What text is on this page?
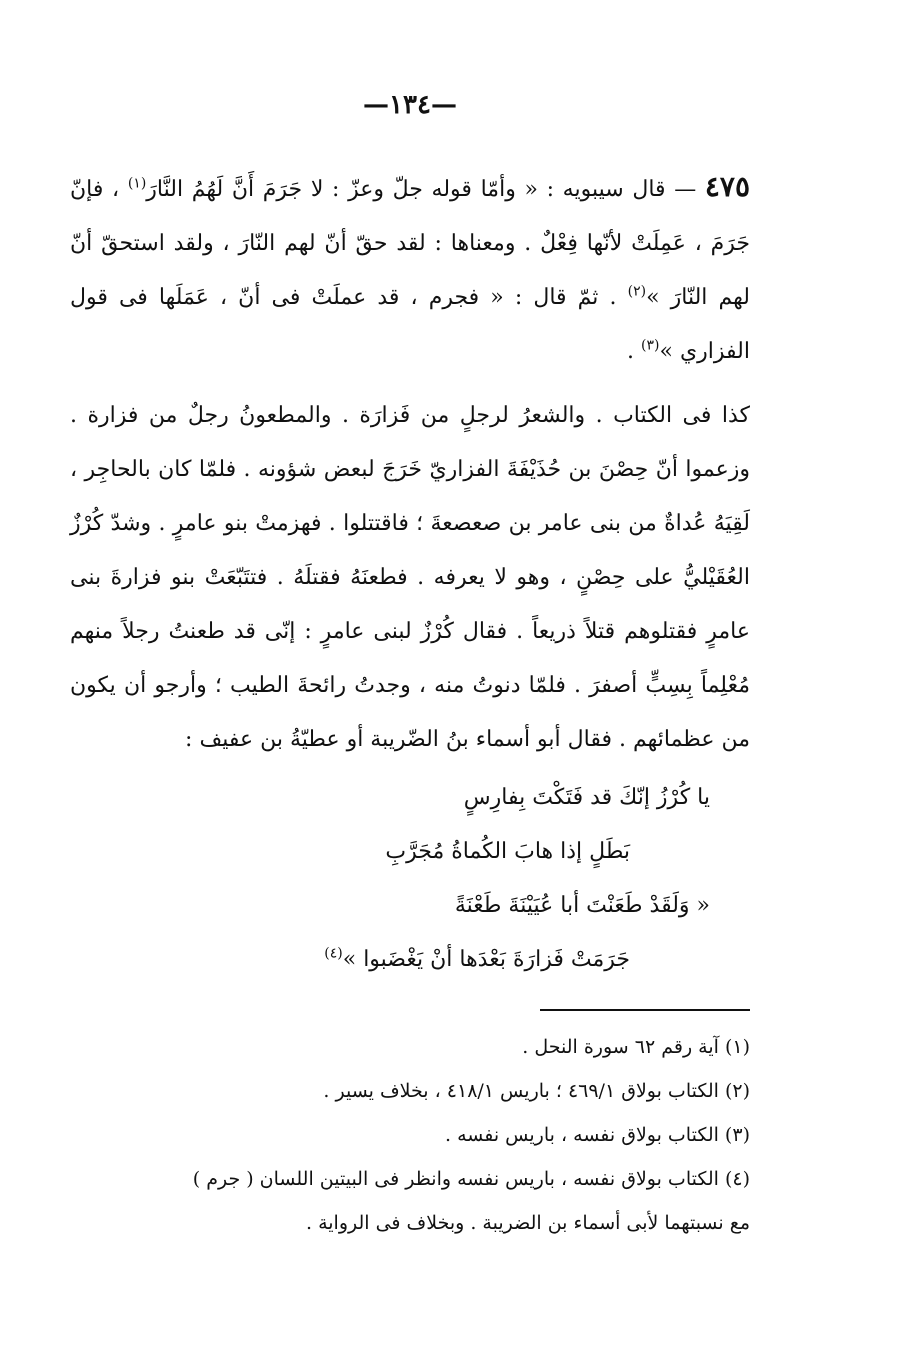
—١٣٤—

٤٧٥ — قال سيبويه : « وأمّا قوله جلّ وعزّ : لا جَرَمَ أَنَّ لَهُمُ النَّارَ$^{(١)}$ ، فإنّ جَرَمَ ، عَمِلَتْ لأنّها فِعْلٌ . ومعناها : لقد حقّ أنّ لهم النّارَ ، ولقد استحقّ أنّ لهم النّارَ »$^{(٢)}$ . ثمّ قال : « فجرم ، قد عملَتْ فى أنّ ، عَمَلَها فى قول الفزاري »$^{(٣)}$ .

كذا فى الكتاب . والشعرُ لرجلٍ من فَزارَة . والمطعونُ رجلٌ من فزارة . وزعموا أنّ حِصْنَ بن حُذَيْفَةَ الفزاريّ خَرَجَ لبعض شؤونه . فلمّا كان بالحاجِر ، لَقِيَهُ عُداةٌ من بنى عامر بن صعصعةَ ؛ فاقتتلوا . فهزمتْ بنو عامرٍ . وشدّ كُرْزٌ العُقَيْليُّ على حِصْنٍ ، وهو لا يعرفه . فطعنَهُ فقتلَهُ . فتتَبّعَتْ بنو فزارةَ بنى عامرٍ فقتلوهم قتلاً ذريعاً . فقال كُرْزٌ لبنى عامرٍ : إنّى قد طعنتُ رجلاً منهم مُعْلِماً بِسِبٍّ أصفرَ . فلمّا دنوتُ منه ، وجدتُ رائحةَ الطيب ؛ وأرجو أن يكون من عظمائهم . فقال أبو أسماء بنُ الضّريبة أو عطيّةُ بن عفيف :

يا كُرْزُ إنّكَ قد فَتَكْتَ بِفارِسٍ
بَطَلٍ إذا هابَ الكُماةُ مُجَرَّبِ
« وَلَقَدْ طَعَنْتَ أبا عُيَيْنَةَ طَعْنَةً
جَرَمَتْ فَزارَةَ بَعْدَها أنْ يَغْضَبوا »$^{(٤)}$

(١) آية رقم ٦٢ سورة النحل .

(٢) الكتاب بولاق ٤٦٩/١ ؛ باريس ٤١٨/١ ، بخلاف يسير .

(٣) الكتاب بولاق نفسه ، باريس نفسه .

(٤) الكتاب بولاق نفسه ، باريس نفسه وانظر فى البيتين اللسان ( جرم )

مع نسبتهما لأبى أسماء بن الضريبة . وبخلاف فى الرواية .
